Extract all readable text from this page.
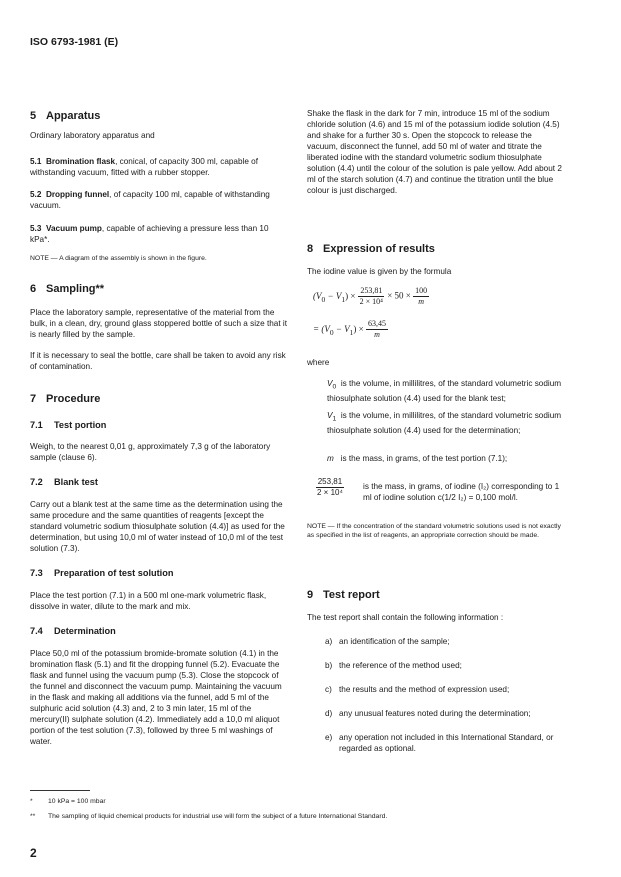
ISO 6793-1981 (E)
5 Apparatus

Ordinary laboratory apparatus and

5.1 Bromination flask, conical, of capacity 300 ml, capable of withstanding vacuum, fitted with a rubber stopper.

5.2 Dropping funnel, of capacity 100 ml, capable of withstanding vacuum.

5.3 Vacuum pump, capable of achieving a pressure less than 10 kPa*.

NOTE — A diagram of the assembly is shown in the figure.

6 Sampling**

Place the laboratory sample, representative of the material from the bulk, in a clean, dry, ground glass stoppered bottle of such a size that it is nearly filled by the sample.

If it is necessary to seal the bottle, care shall be taken to avoid any risk of contamination.

7 Procedure
7.1 Test portion

Weigh, to the nearest 0,01 g, approximately 7,3 g of the laboratory sample (clause 6).

7.2 Blank test

Carry out a blank test at the same time as the determination using the same procedure and the same quantities of reagents [except the standard volumetric sodium thiosulphate solution (4.4)] as used for the determination, but using 10,0 ml of water instead of 10,0 ml of the test solution (7.3).

7.3 Preparation of test solution

Place the test portion (7.1) in a 500 ml one-mark volumetric flask, dissolve in water, dilute to the mark and mix.

7.4 Determination

Place 50,0 ml of the potassium bromide-bromate solution (4.1) in the bromination flask (5.1) and fit the dropping funnel (5.2). Evacuate the flask and funnel using the vacuum pump (5.3). Close the stopcock of the funnel and disconnect the vacuum pump. Maintaining the vacuum in the flask and making all additions via the funnel, add 5 ml of the sulphuric acid solution (4.3) and, 2 to 3 min later, 15 ml of the mercury(II) sulphate solution (4.2). Immediately add a 10,0 ml aliquot portion of the test solution (7.3), followed by three 5 ml washings of water.

Shake the flask in the dark for 7 min, introduce 15 ml of the sodium chloride solution (4.6) and 15 ml of the potassium iodide solution (4.5) and shake for a further 30 s. Open the stopcock to release the vacuum, disconnect the funnel, add 50 ml of water and titrate the liberated iodine with the standard volumetric sodium thiosulphate solution (4.4) until the colour of the solution is pale yellow. Add about 2 ml of the starch solution (4.7) and continue the titration until the blue colour is just discharged.

8 Expression of results

The iodine value is given by the formula

$(V_0 - V_1) \times \frac{253,81}{\text{2 × 10⁴}} \times 50 \times \frac{100}{m}$
= $(V_0 - V_1) \times \frac{63,45}{m}$

where

$V_0$ is the volume, in millilitres, of the standard volumetric sodium thiosulphate solution (4.4) used for the blank test;

$V_1$ is the volume, in millilitres, of the standard volumetric sodium thiosulphate solution (4.4) used for the determination;

m is the mass, in grams, of the test portion (7.1);

$\frac{253,81}{\text{2 × 10⁴}}$ is the mass, in grams, of iodine (I₂) corresponding to 1 ml of iodine solution c(1/2 I₂) = 0,100 mol/l.

NOTE — If the concentration of the standard volumetric solutions used is not exactly as specified in the list of reagents, an appropriate correction should be made.

9 Test report

The test report shall contain the following information :

a) an identification of the sample;
b) the reference of the method used;
c) the results and the method of expression used;
d) any unusual features noted during the determination;
e) any operation not included in this International Standard, or regarded as optional.
* 10 kPa = 100 mbar
** The sampling of liquid chemical products for industrial use will form the subject of a future International Standard.
2
